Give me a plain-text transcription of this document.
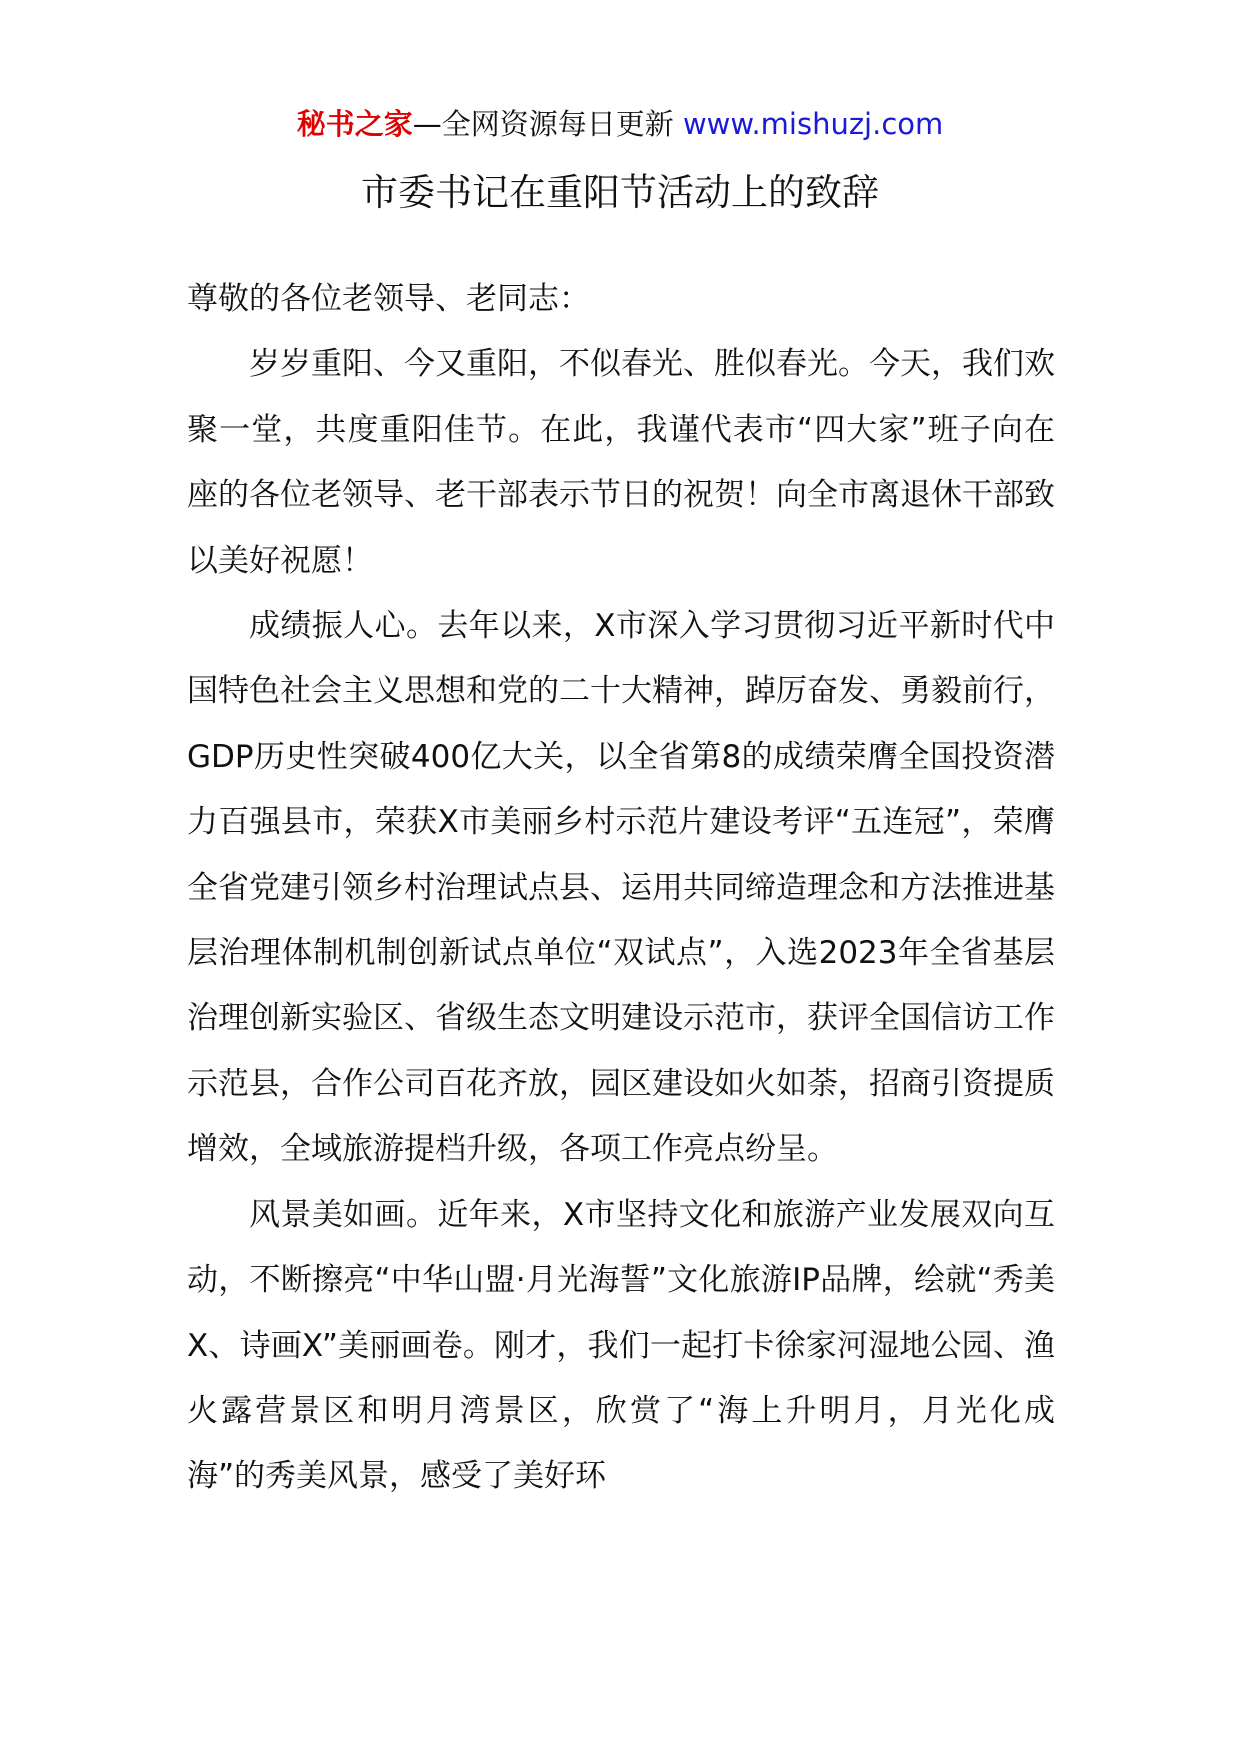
秘书之家—全网资源每日更新 www.mishuzj.com
市委书记在重阳节活动上的致辞

尊敬的各位老领导、老同志：

岁岁重阳、今又重阳，不似春光、胜似春光。今天，我们欢聚一堂，共度重阳佳节。在此，我谨代表市“四大家”班子向在座的各位老领导、老干部表示节日的祝贺！向全市离退休干部致以美好祝愿！

成绩振人心。去年以来，X市深入学习贯彻习近平新时代中国特色社会主义思想和党的二十大精神，踔厉奋发、勇毅前行，GDP历史性突破400亿大关，以全省第8的成绩荣膺全国投资潜力百强县市，荣获X市美丽乡村示范片建设考评“五连冠”，荣膺全省党建引领乡村治理试点县、运用共同缔造理念和方法推进基层治理体制机制创新试点单位“双试点”，入选2023年全省基层治理创新实验区、省级生态文明建设示范市，获评全国信访工作示范县，合作公司百花齐放，园区建设如火如荼，招商引资提质增效，全域旅游提档升级，各项工作亮点纷呈。

风景美如画。近年来，X市坚持文化和旅游产业发展双向互动，不断擦亮“中华山盟·月光海誓”文化旅游IP品牌，绘就“秀美X、诗画X”美丽画卷。刚才，我们一起打卡徐家河湿地公园、渔火露营景区和明月湾景区，欣赏了“海上升明月，月光化成海”的秀美风景，感受了美好环
